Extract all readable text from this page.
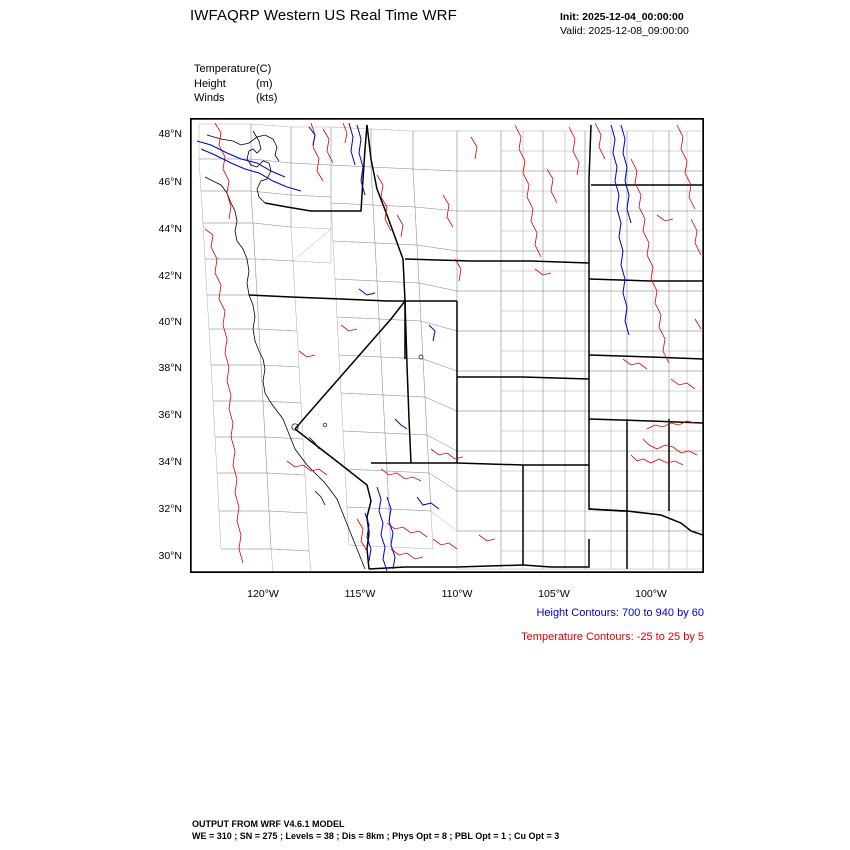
IWFAQRP Western US Real Time WRF	Init: 2025-12-04_00:00:00
Valid: 2025-12-08_09:00:00
Temperature(C)
Height	(m)
Winds	(kts)
48°N
46°N
44°N
42°N
40°N
38°N
36°N
34°N
32°N
30°N
120°W	115°W	110°W	105°W	100°W
Height Contours: 700 to 940 by 60
Temperature Contours: -25 to 25 by 5
OUTPUT FROM WRF V4.6.1 MODEL
WE = 310 ; SN = 275 ; Levels = 38 ; Dis = 8km ; Phys Opt = 8 ; PBL Opt = 1 ; Cu Opt = 3
